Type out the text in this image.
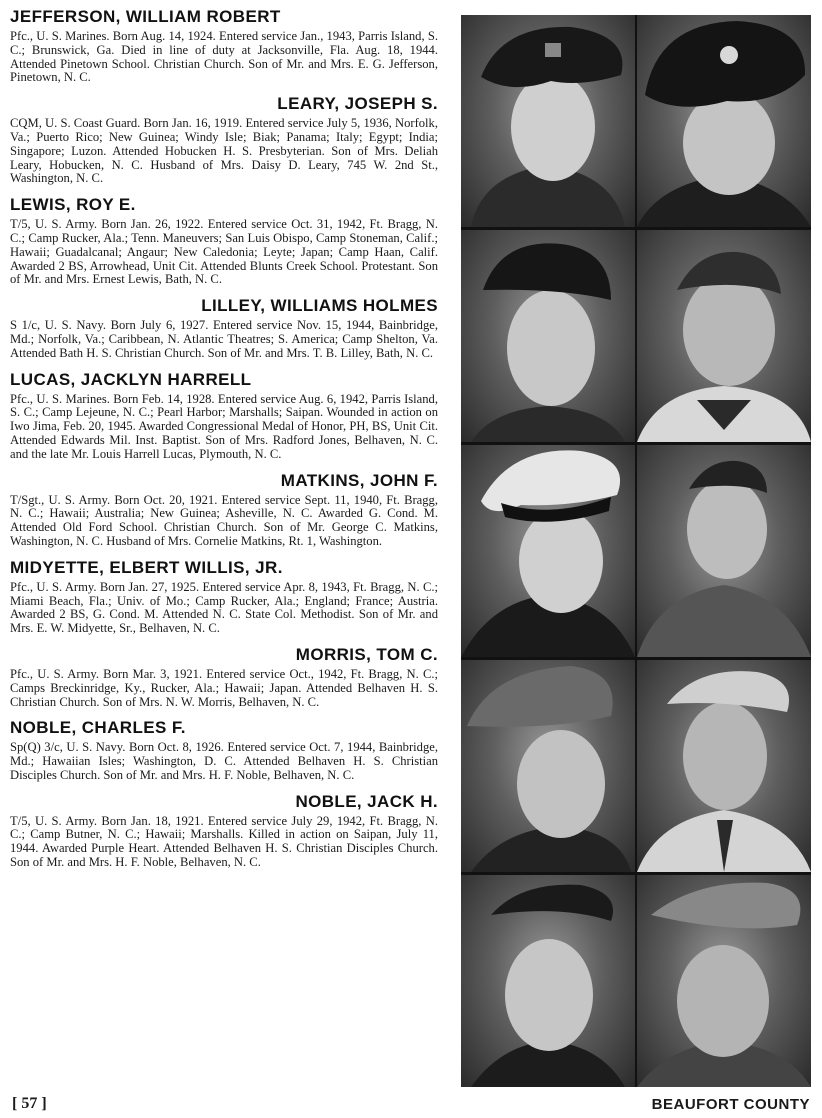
JEFFERSON, WILLIAM ROBERT

Pfc., U. S. Marines. Born Aug. 14, 1924. Entered service Jan., 1943, Parris Island, S. C.; Brunswick, Ga. Died in line of duty at Jacksonville, Fla. Aug. 18, 1944. Attended Pinetown School. Christian Church. Son of Mr. and Mrs. E. G. Jefferson, Pinetown, N. C.

LEARY, JOSEPH S.

CQM, U. S. Coast Guard. Born Jan. 16, 1919. Entered service July 5, 1936, Norfolk, Va.; Puerto Rico; New Guinea; Windy Isle; Biak; Panama; Italy; Egypt; India; Singapore; Luzon. Attended Hobucken H. S. Presbyterian. Son of Mrs. Deliah Leary, Hobucken, N. C. Husband of Mrs. Daisy D. Leary, 745 W. 2nd St., Washington, N. C.

LEWIS, ROY E.

T/5, U. S. Army. Born Jan. 26, 1922. Entered service Oct. 31, 1942, Ft. Bragg, N. C.; Camp Rucker, Ala.; Tenn. Maneuvers; San Luis Obispo, Camp Stoneman, Calif.; Hawaii; Guadalcanal; Angaur; New Caledonia; Leyte; Japan; Camp Haan, Calif. Awarded 2 BS, Arrowhead, Unit Cit. Attended Blunts Creek School. Protestant. Son of Mr. and Mrs. Ernest Lewis, Bath, N. C.

LILLEY, WILLIAMS HOLMES

S 1/c, U. S. Navy. Born July 6, 1927. Entered service Nov. 15, 1944, Bainbridge, Md.; Norfolk, Va.; Caribbean, N. Atlantic Theatres; S. America; Camp Shelton, Va. Attended Bath H. S. Christian Church. Son of Mr. and Mrs. T. B. Lilley, Bath, N. C.

LUCAS, JACKLYN HARRELL

Pfc., U. S. Marines. Born Feb. 14, 1928. Entered service Aug. 6, 1942, Parris Island, S. C.; Camp Lejeune, N. C.; Pearl Harbor; Marshalls; Saipan. Wounded in action on Iwo Jima, Feb. 20, 1945. Awarded Congressional Medal of Honor, PH, BS, Unit Cit. Attended Edwards Mil. Inst. Baptist. Son of Mrs. Radford Jones, Belhaven, N. C. and the late Mr. Louis Harrell Lucas, Plymouth, N. C.

MATKINS, JOHN F.

T/Sgt., U. S. Army. Born Oct. 20, 1921. Entered service Sept. 11, 1940, Ft. Bragg, N. C.; Hawaii; Australia; New Guinea; Asheville, N. C. Awarded G. Cond. M. Attended Old Ford School. Christian Church. Son of Mr. George C. Matkins, Washington, N. C. Husband of Mrs. Cornelie Matkins, Rt. 1, Washington.

MIDYETTE, ELBERT WILLIS, JR.

Pfc., U. S. Army. Born Jan. 27, 1925. Entered service Apr. 8, 1943, Ft. Bragg, N. C.; Miami Beach, Fla.; Univ. of Mo.; Camp Rucker, Ala.; England; France; Austria. Awarded 2 BS, G. Cond. M. Attended N. C. State Col. Methodist. Son of Mr. and Mrs. E. W. Midyette, Sr., Belhaven, N. C.

MORRIS, TOM C.

Pfc., U. S. Army. Born Mar. 3, 1921. Entered service Oct., 1942, Ft. Bragg, N. C.; Camps Breckinridge, Ky., Rucker, Ala.; Hawaii; Japan. Attended Belhaven H. S. Christian Church. Son of Mrs. N. W. Morris, Belhaven, N. C.

NOBLE, CHARLES F.

Sp(Q) 3/c, U. S. Navy. Born Oct. 8, 1926. Entered service Oct. 7, 1944, Bainbridge, Md.; Hawaiian Isles; Washington, D. C. Attended Belhaven H. S. Christian Disciples Church. Son of Mr. and Mrs. H. F. Noble, Belhaven, N. C.

NOBLE, JACK H.

T/5, U. S. Army. Born Jan. 18, 1921. Entered service July 29, 1942, Ft. Bragg, N. C.; Camp Butner, N. C.; Hawaii; Marshalls. Killed in action on Saipan, July 11, 1944. Awarded Purple Heart. Attended Belhaven H. S. Christian Disciples Church. Son of Mr. and Mrs. H. F. Noble, Belhaven, N. C.

[ 57 ]	BEAUFORT COUNTY
